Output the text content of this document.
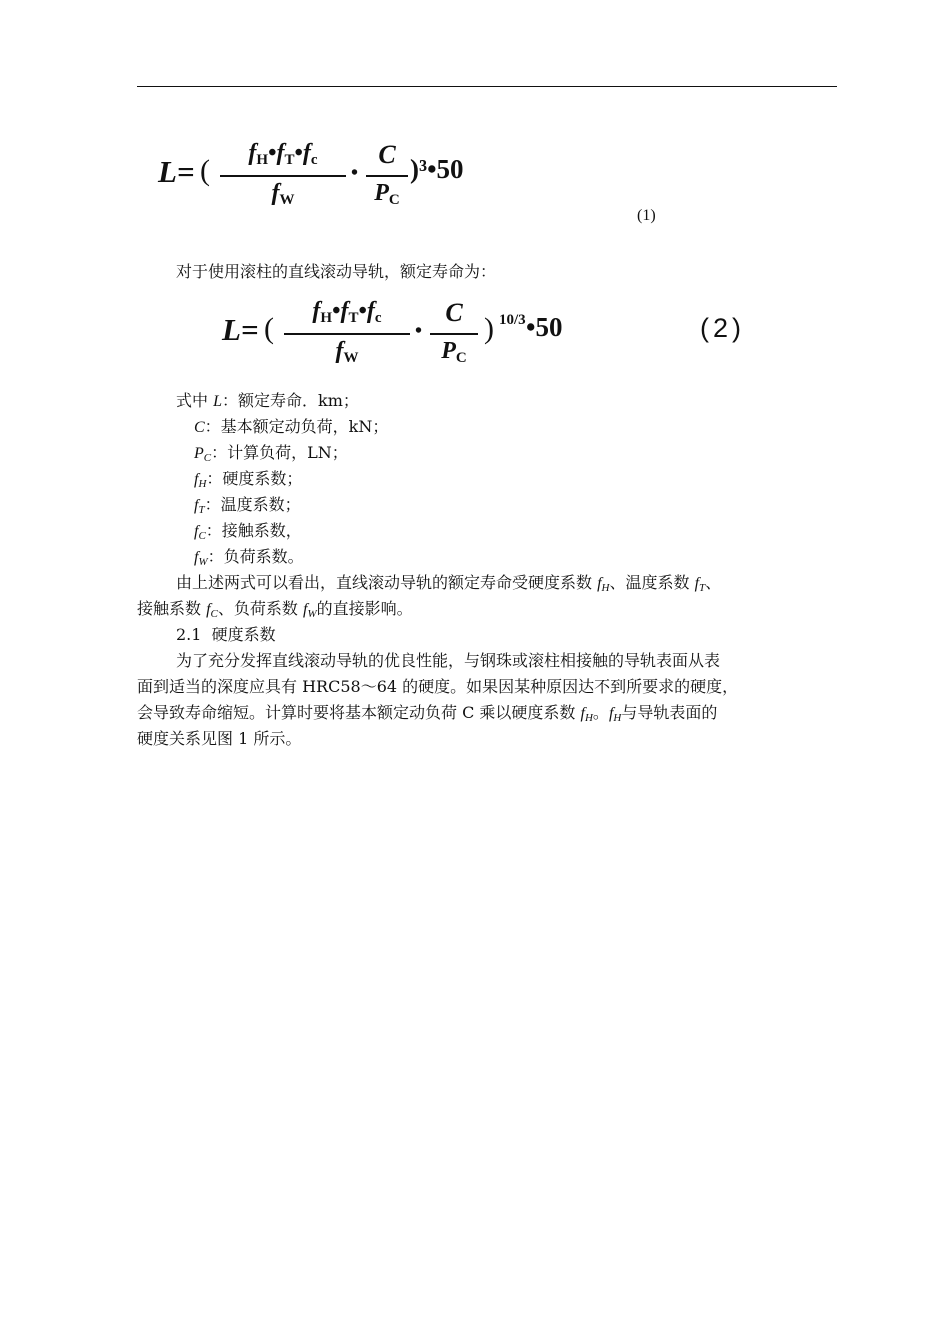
L= (
$f_H•f_T•f_c$
$f_W$
•
C
$P_C$
)³•50
(1)
对于使用滚柱的直线滚动导轨，额定寿命为：
L= (
$f_H•f_T•f_c$
$f_W$
•
C
$P_C$
) 10/3 •50	(2)
式中 L：额定寿命．km；
C：基本额定动负荷，kN；
PC：计算负荷，LN；
fH：硬度系数；
fT：温度系数；
fC：接触系数，
fW：负荷系数。
由上述两式可以看出，直线滚动导轨的额定寿命受硬度系数 fH、温度系数 fT、
接触系数 fC、负荷系数 fW的直接影响。
2.1  硬度系数
为了充分发挥直线滚动导轨的优良性能，与钢珠或滚柱相接触的导轨表面从表
面到适当的深度应具有 HRC58～64 的硬度。如果因某种原因达不到所要求的硬度，
会导致寿命缩短。计算时要将基本额定动负荷 C 乘以硬度系数 fH。fH与导轨表面的
硬度关系见图 1 所示。
